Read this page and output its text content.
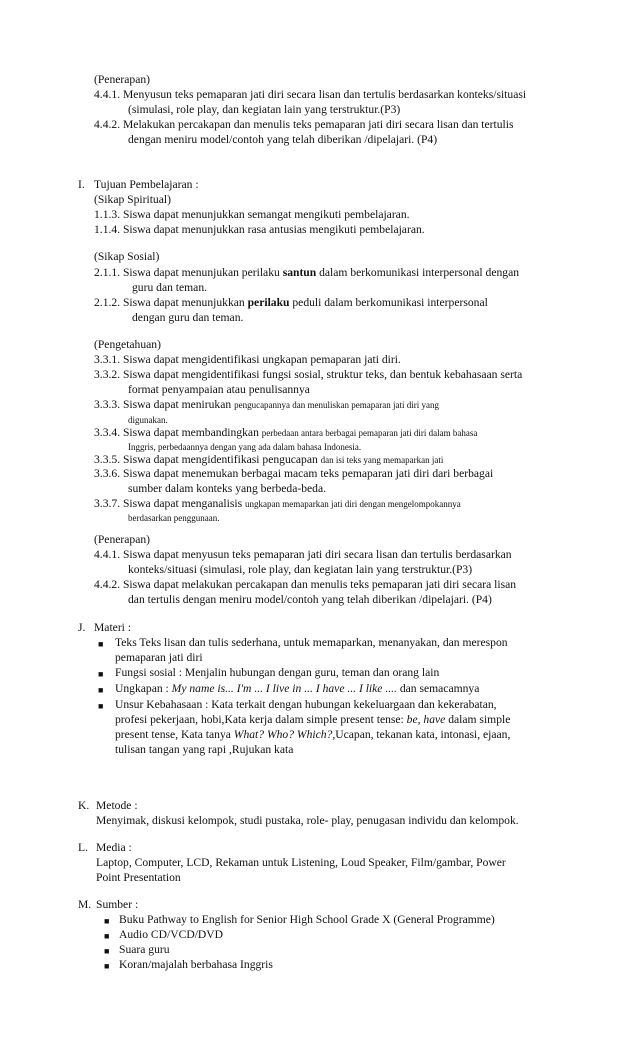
(Penerapan)
4.4.1. Menyusun teks pemaparan jati diri secara lisan dan tertulis berdasarkan konteks/situasi
(simulasi, role play, dan kegiatan lain yang terstruktur.(P3)
4.4.2. Melakukan percakapan dan menulis teks pemaparan jati diri secara lisan dan tertulis
dengan meniru model/contoh yang telah diberikan /dipelajari. (P4)
I. Tujuan Pembelajaran :
(Sikap Spiritual)
1.1.3. Siswa dapat menunjukkan semangat mengikuti pembelajaran.
1.1.4. Siswa dapat menunjukkan rasa antusias mengikuti pembelajaran.
(Sikap Sosial)
2.1.1. Siswa dapat menunjukan perilaku santun dalam berkomunikasi interpersonal dengan
guru dan teman.
2.1.2. Siswa dapat menunjukkan perilaku peduli dalam berkomunikasi interpersonal
dengan guru dan teman.
(Pengetahuan)
3.3.1. Siswa dapat mengidentifikasi ungkapan pemaparan jati diri.
3.3.2. Siswa dapat mengidentifikasi fungsi sosial, struktur teks, dan bentuk kebahasaan serta
format penyampaian atau penulisannya
3.3.3. Siswa dapat menirukan pengucapannya dan menuliskan pemaparan jati diri yang
digunakan.
3.3.4. Siswa dapat membandingkan perbedaan antara berbagai pemaparan jati diri dalam bahasa
Inggris, perbedaannya dengan yang ada dalam bahasa Indonesia.
3.3.5. Siswa dapat mengidentifikasi pengucapan dan isi teks yang memaparkan jati
3.3.6. Siswa dapat menemukan berbagai macam teks pemaparan jati diri dari berbagai
sumber dalam konteks yang berbeda-beda.
3.3.7. Siswa dapat menganalisis ungkapan memaparkan jati diri dengan mengelompokannya
berdasarkan penggunaan.
(Penerapan)
4.4.1. Siswa dapat menyusun teks pemaparan jati diri secara lisan dan tertulis berdasarkan
konteks/situasi (simulasi, role play, dan kegiatan lain yang terstruktur.(P3)
4.4.2. Siswa dapat melakukan percakapan dan menulis teks pemaparan jati diri secara lisan
dan tertulis dengan meniru model/contoh yang telah diberikan /dipelajari. (P4)
J. Materi :
■ Teks Teks lisan dan tulis sederhana, untuk memaparkan, menanyakan, dan merespon
pemaparan jati diri
■ Fungsi sosial : Menjalin hubungan dengan guru, teman dan orang lain
■ Ungkapan : My name is... I'm ... I live in ... I have ... I like .... dan semacamnya
■ Unsur Kebahasaan : Kata terkait dengan hubungan kekeluargaan dan kekerabatan,
profesi pekerjaan, hobi,Kata kerja dalam simple present tense: be, have dalam simple
present tense, Kata tanya What? Who? Which?,Ucapan, tekanan kata, intonasi, ejaan,
tulisan tangan yang rapi ,Rujukan kata
K. Metode :
Menyimak, diskusi kelompok, studi pustaka, role- play, penugasan individu dan kelompok.
L. Media :
Laptop, Computer, LCD, Rekaman untuk Listening, Loud Speaker, Film/gambar, Power
Point Presentation
M. Sumber :
■ Buku Pathway to English for Senior High School Grade X (General Programme)
■ Audio CD/VCD/DVD
■ Suara guru
■ Koran/majalah berbahasa Inggris
